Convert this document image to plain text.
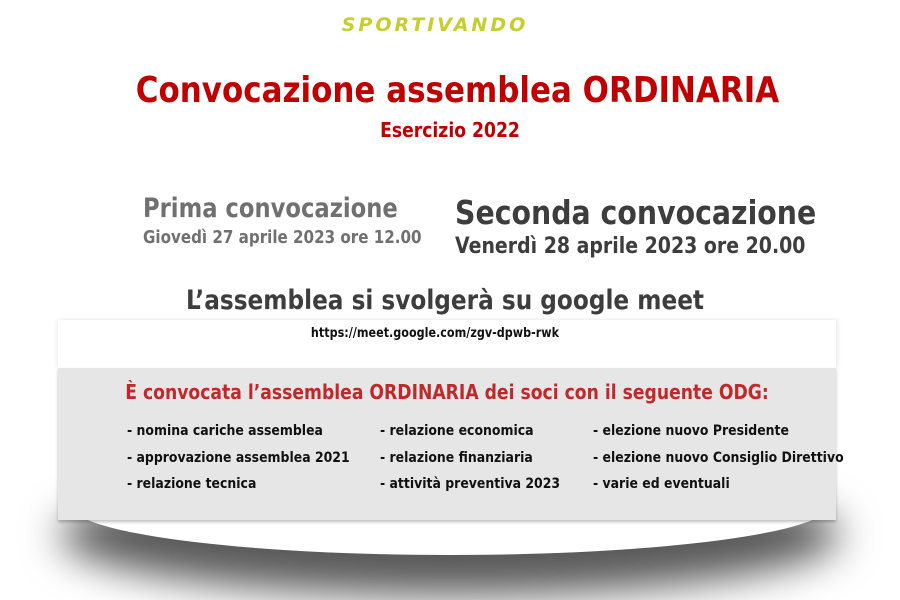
SPORTIVANDO
Convocazione assemblea ORDINARIA
Esercizio 2022
Prima convocazione
Giovedì 27 aprile 2023 ore 12.00
Seconda convocazione
Venerdì 28 aprile 2023 ore 20.00
L’assemblea si svolgerà su google meet
https://meet.google.com/zgv-dpwb-rwk
È convocata l’assemblea ORDINARIA dei soci con il seguente ODG:
- nomina cariche assemblea
- approvazione assemblea 2021
- relazione tecnica
- relazione economica
- relazione finanziaria
- attività preventiva 2023
- elezione nuovo Presidente
- elezione nuovo Consiglio Direttivo
- varie ed eventuali
